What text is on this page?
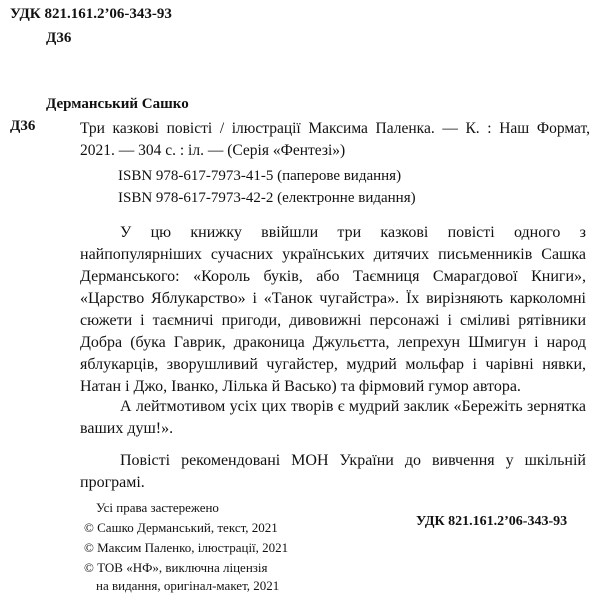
УДК 821.161.2’06-343-93
Д36
Дерманський Сашко
Д36	Три казкові повісті / ілюстрації Максима Паленка. — К. : Наш Формат,
2021. — 304 с. : іл. — (Серія «Фентезі»)
ISBN 978-617-7973-41-5 (паперове видання)
ISBN 978-617-7973-42-2 (електронне видання)
У цю книжку ввійшли три казкові повісті одного з найпопулярніших сучасних українських дитячих письменників Сашка Дерманського: «Король буків, або Таємниця Смарагдової Книги», «Царство Яблукарство» і «Танок чугайстра». Їх вирізняють карколомні сюжети і таємничі пригоди, дивовижні персонажі і сміливі рятівники Добра (бука Гаврик, драконица Джульєтта, лепрехун Шмигун і народ яблукарців, зворушливий чугайстер, мудрий мольфар і чарівні нявки, Натан і Джо, Іванко, Лілька й Васько) та фірмовий гумор автора.
А лейтмотивом усіх цих творів є мудрий заклик «Бережіть зернятка ваших душ!».
Повісті рекомендовані МОН України до вивчення у шкільній програмі.
Усі права застережено
© Сашко Дерманський, текст, 2021
© Максим Паленко, ілюстрації, 2021
© ТОВ «НФ», виключна ліцензія
на видання, оригінал-макет, 2021
УДК 821.161.2’06-343-93
